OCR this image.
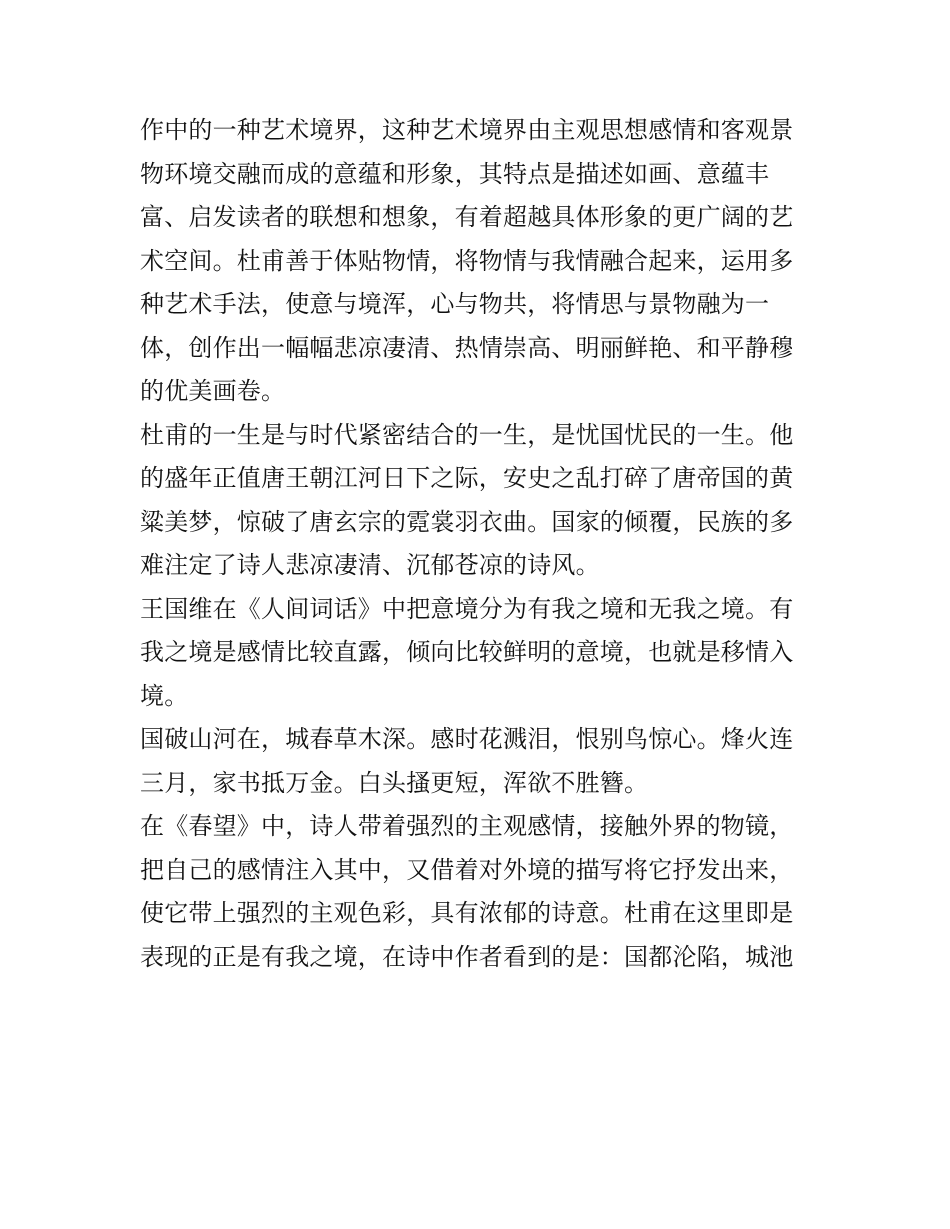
作中的一种艺术境界，这种艺术境界由主观思想感情和客观景
物环境交融而成的意蕴和形象，其特点是描述如画、意蕴丰
富、启发读者的联想和想象，有着超越具体形象的更广阔的艺
术空间。杜甫善于体贴物情，将物情与我情融合起来，运用多
种艺术手法，使意与境浑，心与物共，将情思与景物融为一
体，创作出一幅幅悲凉凄清、热情崇高、明丽鲜艳、和平静穆
的优美画卷。
杜甫的一生是与时代紧密结合的一生，是忧国忧民的一生。他
的盛年正值唐王朝江河日下之际，安史之乱打碎了唐帝国的黄
粱美梦，惊破了唐玄宗的霓裳羽衣曲。国家的倾覆，民族的多
难注定了诗人悲凉凄清、沉郁苍凉的诗风。
王国维在《人间词话》中把意境分为有我之境和无我之境。有
我之境是感情比较直露，倾向比较鲜明的意境，也就是移情入
境。
国破山河在，城春草木深。感时花溅泪，恨别鸟惊心。烽火连
三月，家书抵万金。白头搔更短，浑欲不胜簪。
在《春望》中，诗人带着强烈的主观感情，接触外界的物镜，
把自己的感情注入其中，又借着对外境的描写将它抒发出来，
使它带上强烈的主观色彩，具有浓郁的诗意。杜甫在这里即是
表现的正是有我之境，在诗中作者看到的是：国都沦陷，城池
